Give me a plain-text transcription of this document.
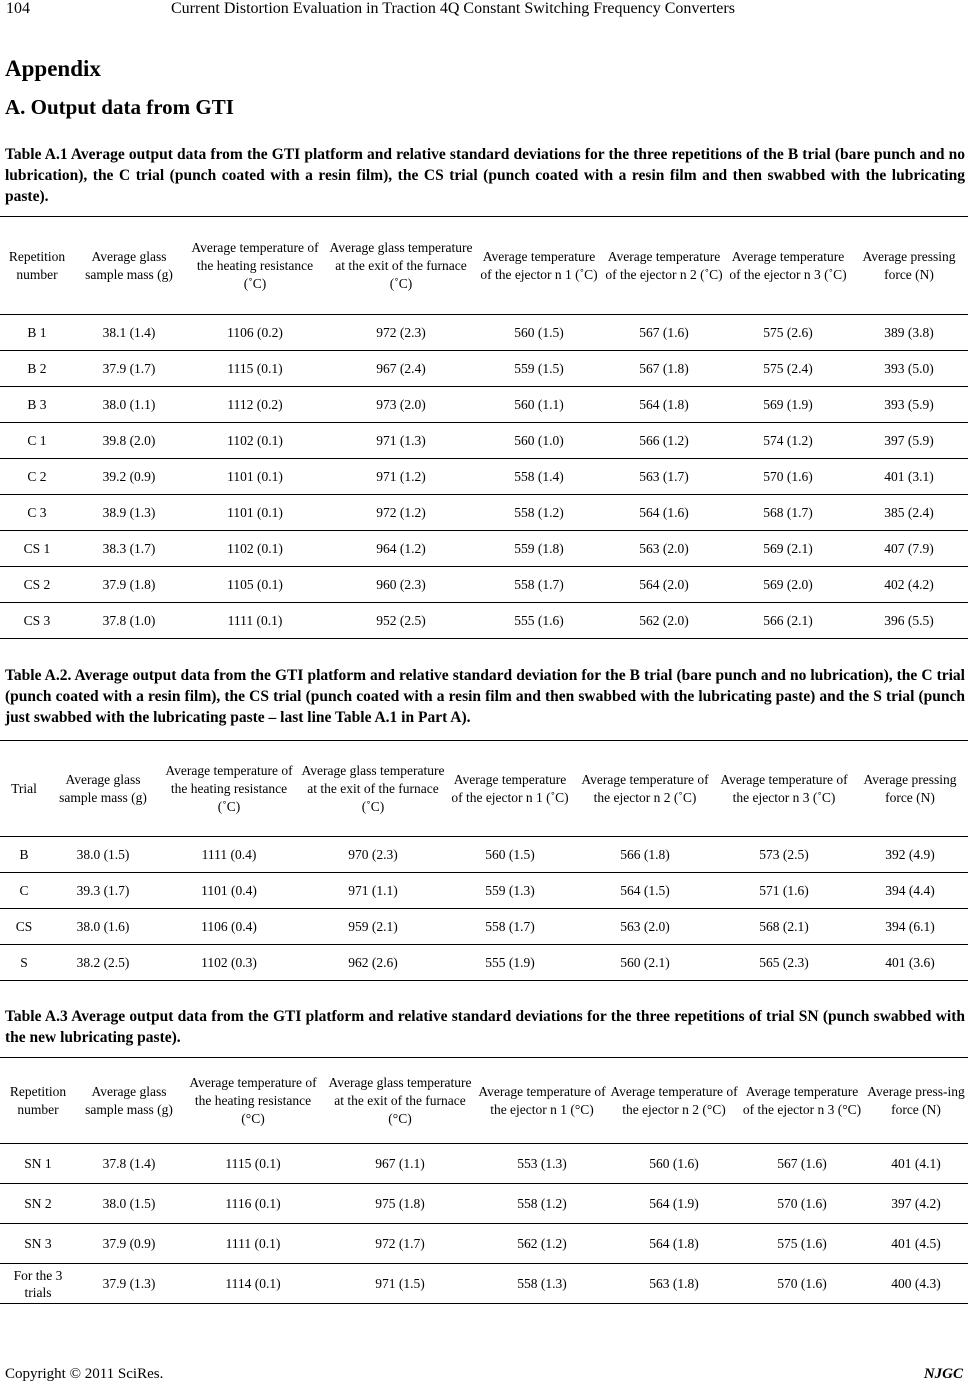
104	Current Distortion Evaluation in Traction 4Q Constant Switching Frequency Converters
Appendix
A. Output data from GTI
Table A.1 Average output data from the GTI platform and relative standard deviations for the three repetitions of the B trial (bare punch and no lubrication), the C trial (punch coated with a resin film), the CS trial (punch coated with a resin film and then swabbed with the lubricating paste).
Repetition number	Average glass sample mass (g)	Average temperature of the heating resistance (˚C)	Average glass temperature at the exit of the furnace (˚C)	Average temperature of the ejector n 1 (˚C)	Average temperature of the ejector n 2 (˚C)	Average temperature of the ejector n 3 (˚C)	Average pressing force (N)
B 1	38.1 (1.4)	1106 (0.2)	972 (2.3)	560 (1.5)	567 (1.6)	575 (2.6)	389 (3.8)
B 2	37.9 (1.7)	1115 (0.1)	967 (2.4)	559 (1.5)	567 (1.8)	575 (2.4)	393 (5.0)
B 3	38.0 (1.1)	1112 (0.2)	973 (2.0)	560 (1.1)	564 (1.8)	569 (1.9)	393 (5.9)
C 1	39.8 (2.0)	1102 (0.1)	971 (1.3)	560 (1.0)	566 (1.2)	574 (1.2)	397 (5.9)
C 2	39.2 (0.9)	1101 (0.1)	971 (1.2)	558 (1.4)	563 (1.7)	570 (1.6)	401 (3.1)
C 3	38.9 (1.3)	1101 (0.1)	972 (1.2)	558 (1.2)	564 (1.6)	568 (1.7)	385 (2.4)
CS 1	38.3 (1.7)	1102 (0.1)	964 (1.2)	559 (1.8)	563 (2.0)	569 (2.1)	407 (7.9)
CS 2	37.9 (1.8)	1105 (0.1)	960 (2.3)	558 (1.7)	564 (2.0)	569 (2.0)	402 (4.2)
CS 3	37.8 (1.0)	1111 (0.1)	952 (2.5)	555 (1.6)	562 (2.0)	566 (2.1)	396 (5.5)
Table A.2. Average output data from the GTI platform and relative standard deviation for the B trial (bare punch and no lubrication), the C trial (punch coated with a resin film), the CS trial (punch coated with a resin film and then swabbed with the lubricating paste) and the S trial (punch just swabbed with the lubricating paste – last line Table A.1 in Part A).
Trial	Average glass sample mass (g)	Average temperature of the heating resistance (˚C)	Average glass temperature at the exit of the furnace (˚C)	Average temperature of the ejector n 1 (˚C)	Average temperature of the ejector n 2 (˚C)	Average temperature of the ejector n 3 (˚C)	Average pressing force (N)
B	38.0 (1.5)	1111 (0.4)	970 (2.3)	560 (1.5)	566 (1.8)	573 (2.5)	392 (4.9)
C	39.3 (1.7)	1101 (0.4)	971 (1.1)	559 (1.3)	564 (1.5)	571 (1.6)	394 (4.4)
CS	38.0 (1.6)	1106 (0.4)	959 (2.1)	558 (1.7)	563 (2.0)	568 (2.1)	394 (6.1)
S	38.2 (2.5)	1102 (0.3)	962 (2.6)	555 (1.9)	560 (2.1)	565 (2.3)	401 (3.6)
Table A.3 Average output data from the GTI platform and relative standard deviations for the three repetitions of trial SN (punch swabbed with the new lubricating paste).
Repetition number	Average glass sample mass (g)	Average temperature of the heating resistance (°C)	Average glass temperature at the exit of the furnace (°C)	Average temperature of the ejector n 1 (°C)	Average temperature of the ejector n 2 (°C)	Average temperature of the ejector n 3 (°C)	Average press-ing force (N)
SN 1	37.8 (1.4)	1115 (0.1)	967 (1.1)	553 (1.3)	560 (1.6)	567 (1.6)	401 (4.1)
SN 2	38.0 (1.5)	1116 (0.1)	975 (1.8)	558 (1.2)	564 (1.9)	570 (1.6)	397 (4.2)
SN 3	37.9 (0.9)	1111 (0.1)	972 (1.7)	562 (1.2)	564 (1.8)	575 (1.6)	401 (4.5)
For the 3 trials	37.9 (1.3)	1114 (0.1)	971 (1.5)	558 (1.3)	563 (1.8)	570 (1.6)	400 (4.3)
Copyright © 2011 SciRes.	NJGC
